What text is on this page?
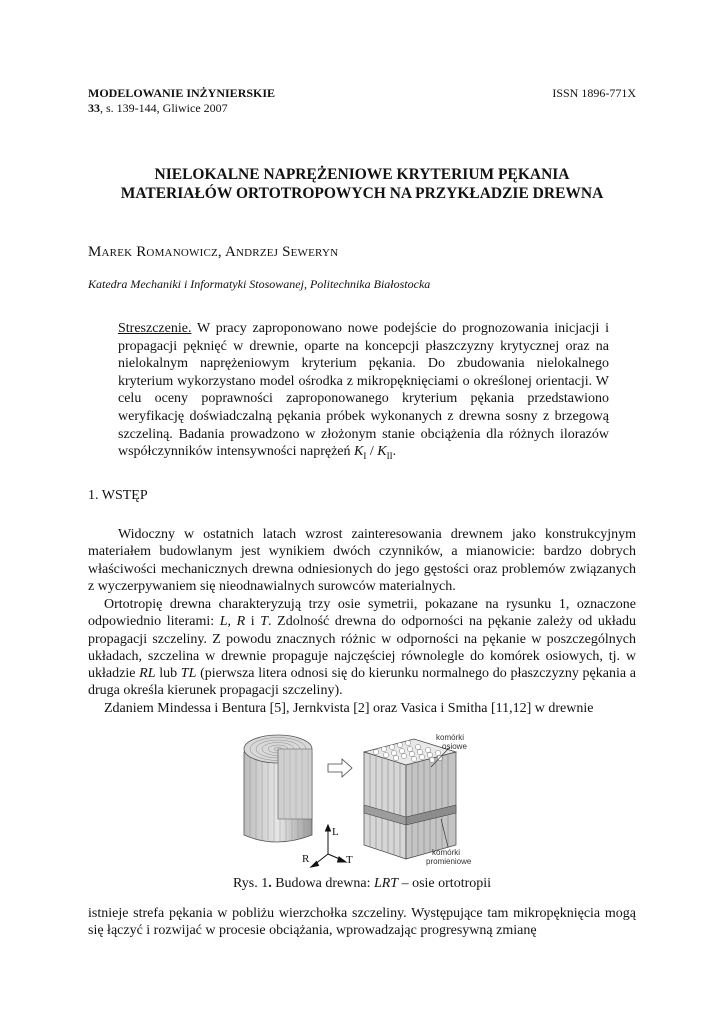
MODELOWANIE INŻYNIERSKIE
33, s. 139-144, Gliwice 2007
ISSN 1896-771X
NIELOKALNE NAPRĘŻENIOWE KRYTERIUM PĘKANIA
MATERIAŁÓW ORTOTROPOWYCH NA PRZYKŁADZIE DREWNA
Marek Romanowicz, Andrzej Seweryn
Katedra Mechaniki i Informatyki Stosowanej, Politechnika Białostocka
Streszczenie. W pracy zaproponowano nowe podejście do prognozowania inicjacji i propagacji pęknięć w drewnie, oparte na koncepcji płaszczyzny krytycznej oraz na nielokalnym naprężeniowym kryterium pękania. Do zbudowania nielokalnego kryterium wykorzystano model ośrodka z mikropęknięciami o określonej orientacji. W celu oceny poprawności zaproponowanego kryterium pękania przedstawiono weryfikację doświadczalną pękania próbek wykonanych z drewna sosny z brzegową szczeliną. Badania prowadzono w złożonym stanie obciążenia dla różnych ilorazów współczynników intensywności naprężeń $K_I / K_{II}$.
1. WSTĘP
Widoczny w ostatnich latach wzrost zainteresowania drewnem jako konstrukcyjnym materiałem budowlanym jest wynikiem dwóch czynników, a mianowicie: bardzo dobrych właściwości mechanicznych drewna odniesionych do jego gęstości oraz problemów związanych z wyczerpywaniem się nieodnawialnych surowców materialnych.
Ortotropię drewna charakteryzują trzy osie symetrii, pokazane na rysunku 1, oznaczone odpowiednio literami: L, R i T. Zdolność drewna do odporności na pękanie zależy od układu propagacji szczeliny. Z powodu znacznych różnic w odporności na pękanie w poszczególnych układach, szczelina w drewnie propaguje najczęściej równolegle do komórek osiowych, tj. w układzie RL lub TL (pierwsza litera odnosi się do kierunku normalnego do płaszczyzny pękania a druga określa kierunek propagacji szczeliny).
Zdaniem Mindessa i Bentura [5], Jernkvista [2] oraz Vasica i Smitha [11,12] w drewnie
komórki
osiowe
komórki
promieniowe
L
R	T
Rys. 1. Budowa drewna: LRT – osie ortotropii
istnieje strefa pękania w pobliżu wierzchołka szczeliny. Występujące tam mikropęknięcia mogą się łączyć i rozwijać w procesie obciążania, wprowadzając progresywną zmianę
